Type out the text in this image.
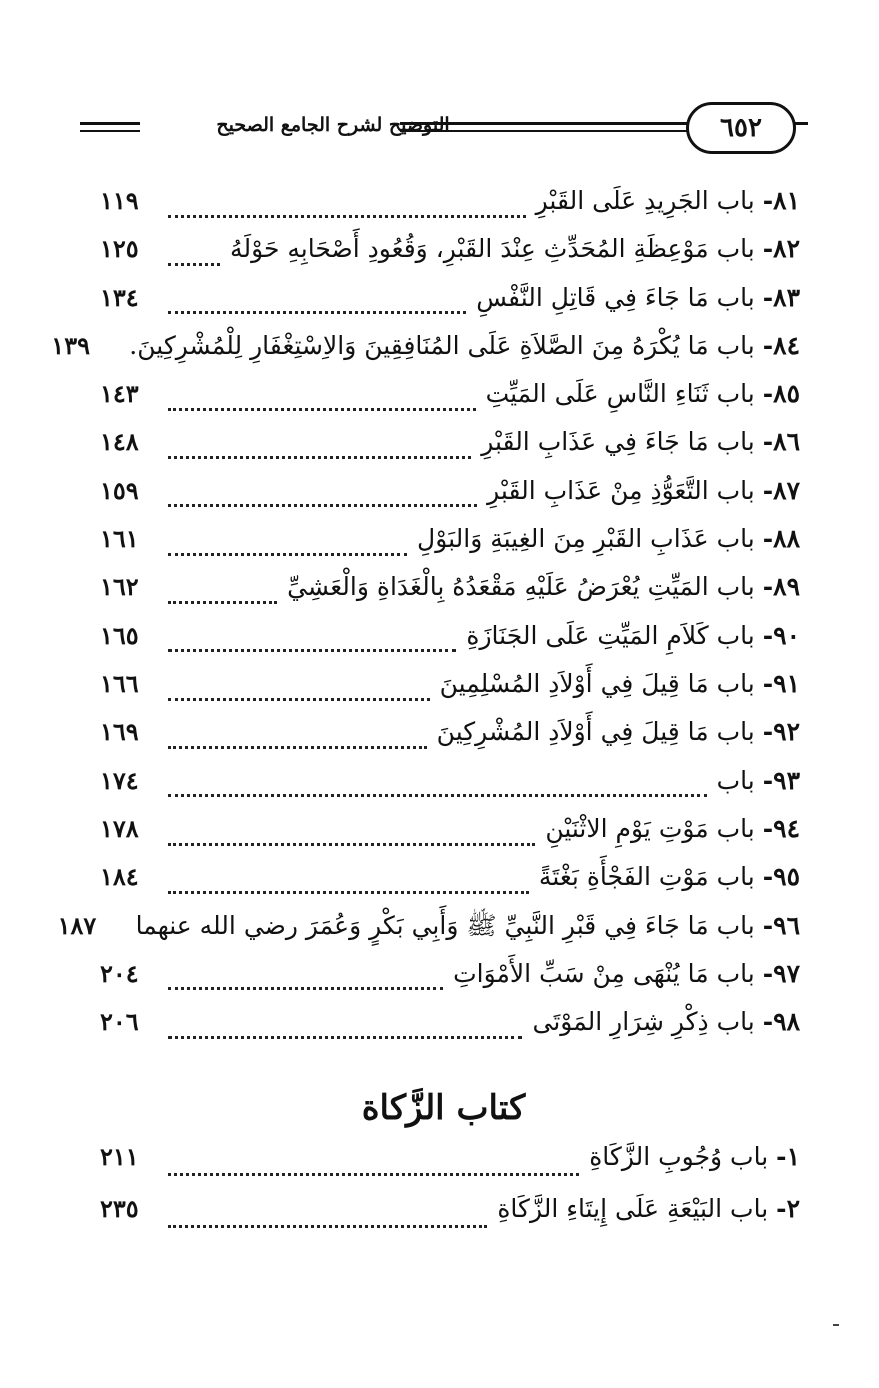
٦٥٢
التوضيح لشرح الجامع الصحيح
٨١-
باب الجَرِيدِ عَلَى القَبْرِ
١١٩
٨٢-
باب مَوْعِظَةِ المُحَدِّثِ عِنْدَ القَبْرِ، وَقُعُودِ أَصْحَابِهِ حَوْلَهُ
١٢٥
٨٣-
باب مَا جَاءَ فِي قَاتِلِ النَّفْسِ
١٣٤
٨٤-
باب مَا يُكْرَهُ مِنَ الصَّلاَةِ عَلَى المُنَافِقِينَ وَالاِسْتِغْفَارِ لِلْمُشْرِكِينَ.
١٣٩
٨٥-
باب ثَنَاءِ النَّاسِ عَلَى المَيِّتِ
١٤٣
٨٦-
باب مَا جَاءَ فِي عَذَابِ القَبْرِ
١٤٨
٨٧-
باب التَّعَوُّذِ مِنْ عَذَابِ القَبْرِ
١٥٩
٨٨-
باب عَذَابِ القَبْرِ مِنَ الغِيبَةِ وَالبَوْلِ
١٦١
٨٩-
باب المَيِّتِ يُعْرَضُ عَلَيْهِ مَقْعَدُهُ بِالْغَدَاةِ وَالْعَشِيِّ
١٦٢
٩٠-
باب كَلاَمِ المَيِّتِ عَلَى الجَنَازَةِ
١٦٥
٩١-
باب مَا قِيلَ فِي أَوْلاَدِ المُسْلِمِينَ
١٦٦
٩٢-
باب مَا قِيلَ فِي أَوْلاَدِ المُشْرِكِينَ
١٦٩
٩٣-
باب
١٧٤
٩٤-
باب مَوْتِ يَوْمِ الاثْنَيْنِ
١٧٨
٩٥-
باب مَوْتِ الفَجْأَةِ بَغْتَةً
١٨٤
٩٦-
باب مَا جَاءَ فِي قَبْرِ النَّبِيِّ ﷺ وَأَبِي بَكْرٍ وَعُمَرَ رضي الله عنهما
١٨٧
٩٧-
باب مَا يُنْهَى مِنْ سَبِّ الأَمْوَاتِ
٢٠٤
٩٨-
باب ذِكْرِ شِرَارِ المَوْتَى
٢٠٦
كتاب الزَّكاة
١-
باب وُجُوبِ الزَّكَاةِ
٢١١
٢-
باب البَيْعَةِ عَلَى إِيتَاءِ الزَّكَاةِ
٢٣٥
